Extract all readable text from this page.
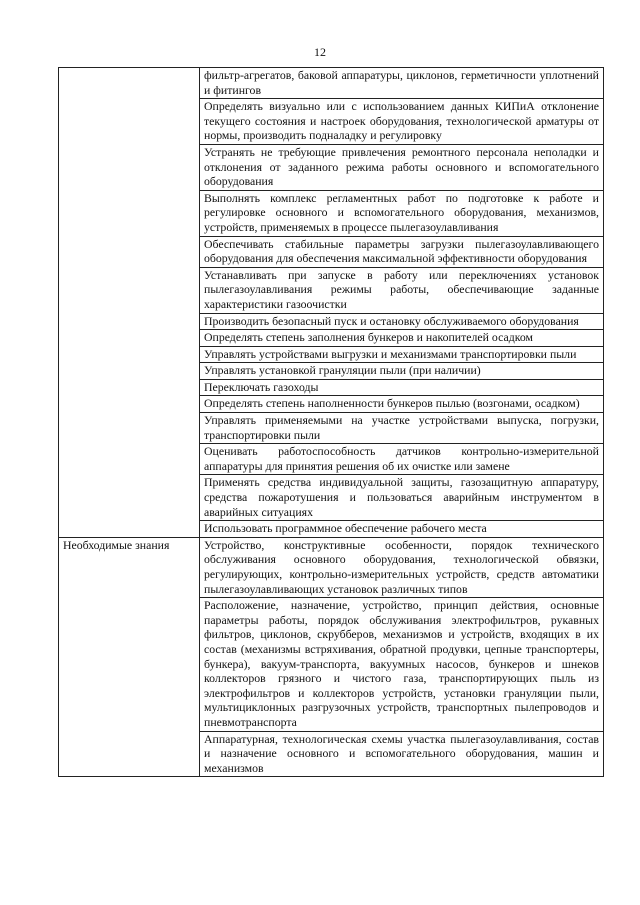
12

	фильтр-агрегатов, баковой аппаратуры, циклонов, герметичности уплотнений и фитингов

	Определять визуально или с использованием данных КИПиА отклонение текущего состояния и настроек оборудования, технологической арматуры от нормы, производить подналадку и регулировку

	Устранять не требующие привлечения ремонтного персонала неполадки и отклонения от заданного режима работы основного и вспомогательного оборудования

	Выполнять комплекс регламентных работ по подготовке к работе и регулировке основного и вспомогательного оборудования, механизмов, устройств, применяемых в процессе пылегазоулавливания

	Обеспечивать стабильные параметры загрузки пылегазоулавливающего оборудования для обеспечения максимальной эффективности оборудования

	Устанавливать при запуске в работу или переключениях установок пылегазоулавливания режимы работы, обеспечивающие заданные характеристики газоочистки

	Производить безопасный пуск и остановку обслуживаемого оборудования

	Определять степень заполнения бункеров и накопителей осадком

	Управлять устройствами выгрузки и механизмами транспортировки пыли

	Управлять установкой грануляции пыли (при наличии)

	Переключать газоходы

	Определять степень наполненности бункеров пылью (возгонами, осадком)

	Управлять применяемыми на участке устройствами выпуска, погрузки, транспортировки пыли

	Оценивать работоспособность датчиков контрольно-измерительной аппаратуры для принятия решения об их очистке или замене

	Применять средства индивидуальной защиты, газозащитную аппаратуру, средства пожаротушения и пользоваться аварийным инструментом в аварийных ситуациях

	Использовать программное обеспечение рабочего места

Необходимые знания	Устройство, конструктивные особенности, порядок технического обслуживания основного оборудования, технологической обвязки, регулирующих, контрольно-измерительных устройств, средств автоматики пылегазоулавливающих установок различных типов

	Расположение, назначение, устройство, принцип действия, основные параметры работы, порядок обслуживания электрофильтров, рукавных фильтров, циклонов, скрубберов, механизмов и устройств, входящих в их состав (механизмы встряхивания, обратной продувки, цепные транспортеры, бункера), вакуум-транспорта, вакуумных насосов, бункеров и шнеков коллекторов грязного и чистого газа, транспортирующих пыль из электрофильтров и коллекторов устройств, установки грануляции пыли, мультициклонных разгрузочных устройств, транспортных пылепроводов и пневмотранспорта

	Аппаратурная, технологическая схемы участка пылегазоулавливания, состав и назначение основного и вспомогательного оборудования, машин и механизмов
